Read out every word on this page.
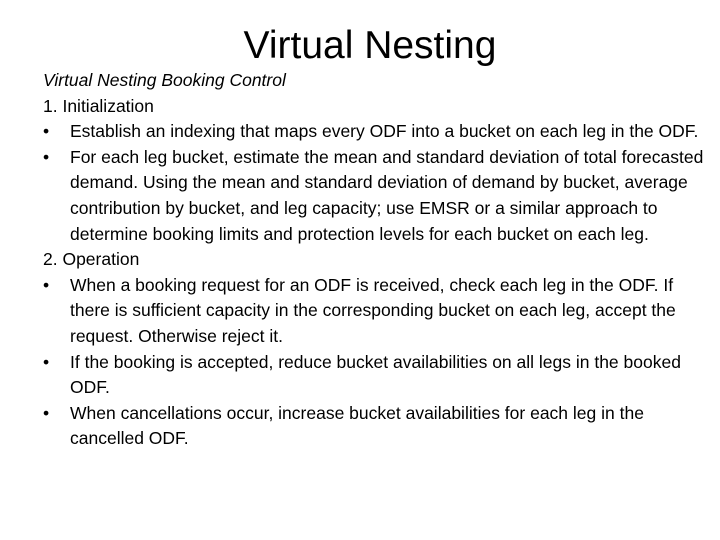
Virtual Nesting

Virtual Nesting Booking Control

1. Initialization

•	Establish an indexing that maps every ODF into a bucket on each leg in the ODF.
•	For each leg bucket, estimate the mean and standard deviation of total forecasted demand. Using the mean and standard deviation of demand by bucket, average contribution by bucket, and leg capacity; use EMSR or a similar approach to determine booking limits and protection levels for each bucket on each leg.

2. Operation

•	When a booking request for an ODF is received, check each leg in the ODF. If there is sufficient capacity in the corresponding bucket on each leg, accept the request. Otherwise reject it.
•	If the booking is accepted, reduce bucket availabilities on all legs in the booked ODF.
•	When cancellations occur, increase bucket availabilities for each leg in the cancelled ODF.
